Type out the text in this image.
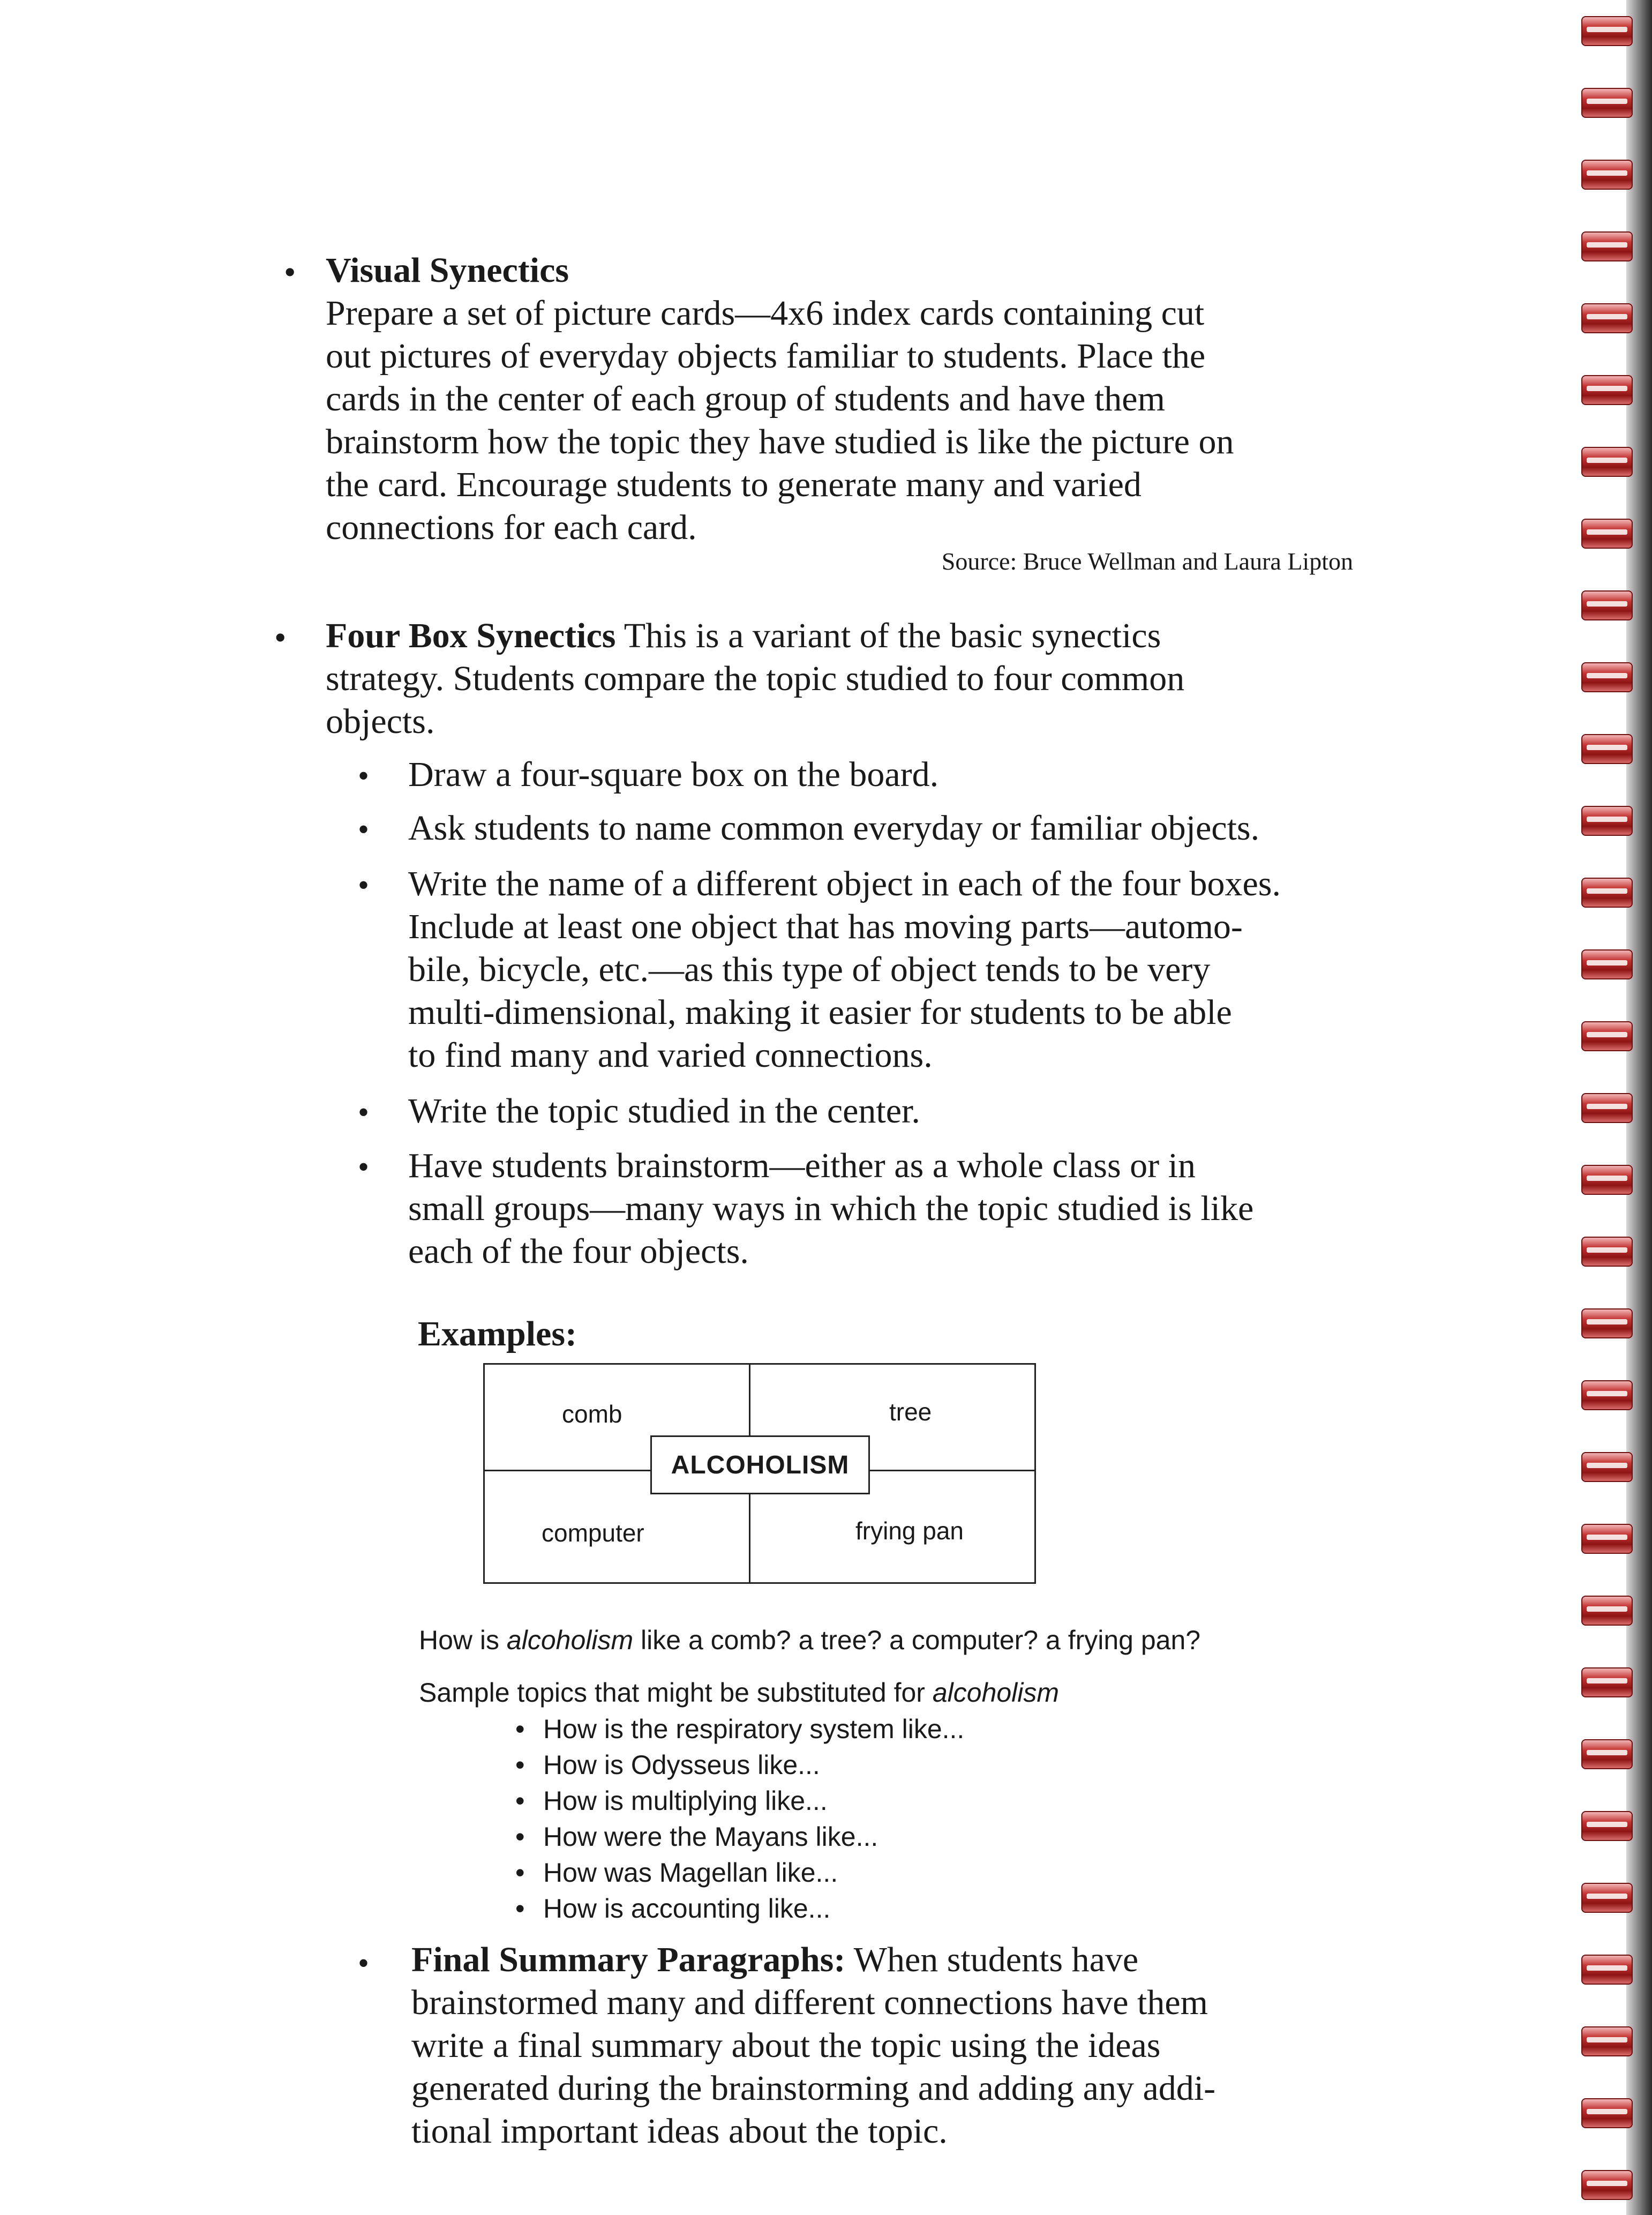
• Visual Synectics
Prepare a set of picture cards—4x6 index cards containing cut
out pictures of everyday objects familiar to students. Place the
cards in the center of each group of students and have them
brainstorm how the topic they have studied is like the picture on
the card. Encourage students to generate many and varied
connections for each card.
Source: Bruce Wellman and Laura Lipton
• Four Box Synectics This is a variant of the basic synectics
strategy. Students compare the topic studied to four common
objects.
• Draw a four-square box on the board.
• Ask students to name common everyday or familiar objects.
• Write the name of a different object in each of the four boxes.
Include at least one object that has moving parts—automo-
bile, bicycle, etc.—as this type of object tends to be very
multi-dimensional, making it easier for students to be able
to find many and varied connections.
• Write the topic studied in the center.
• Have students brainstorm—either as a whole class or in
small groups—many ways in which the topic studied is like
each of the four objects.
Examples:
comb	tree
computer	frying pan
ALCOHOLISM
How is alcoholism like a comb? a tree? a computer? a frying pan?
Sample topics that might be substituted for alcoholism
• How is the respiratory system like...
• How is Odysseus like...
• How is multiplying like...
• How were the Mayans like...
• How was Magellan like...
• How is accounting like...
• Final Summary Paragraphs: When students have
brainstormed many and different connections have them
write a final summary about the topic using the ideas
generated during the brainstorming and adding any addi-
tional important ideas about the topic.
